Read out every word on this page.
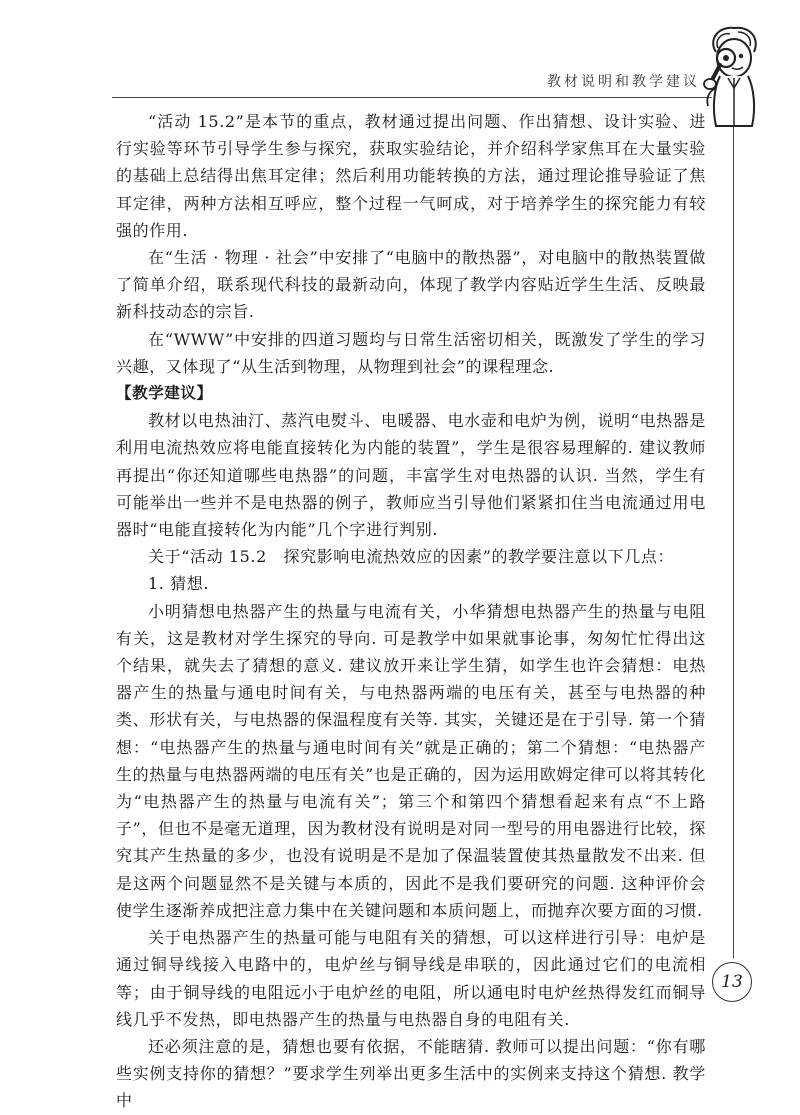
教材说明和教学建议

“活动 15.2”是本节的重点，教材通过提出问题、作出猜想、设计实验、进行实验等环节引导学生参与探究，获取实验结论，并介绍科学家焦耳在大量实验的基础上总结得出焦耳定律；然后利用功能转换的方法，通过理论推导验证了焦耳定律，两种方法相互呼应，整个过程一气呵成，对于培养学生的探究能力有较强的作用.

在“生活 · 物理 · 社会”中安排了“电脑中的散热器”，对电脑中的散热装置做了简单介绍，联系现代科技的最新动向，体现了教学内容贴近学生生活、反映最新科技动态的宗旨.

在“WWW”中安排的四道习题均与日常生活密切相关，既激发了学生的学习兴趣，又体现了“从生活到物理，从物理到社会”的课程理念.

【教学建议】

教材以电热油汀、蒸汽电熨斗、电暖器、电水壶和电炉为例，说明“电热器是利用电流热效应将电能直接转化为内能的装置”，学生是很容易理解的. 建议教师再提出“你还知道哪些电热器”的问题，丰富学生对电热器的认识. 当然，学生有可能举出一些并不是电热器的例子，教师应当引导他们紧紧扣住当电流通过用电器时“电能直接转化为内能”几个字进行判别.

关于“活动 15.2　探究影响电流热效应的因素”的教学要注意以下几点：

1. 猜想.

小明猜想电热器产生的热量与电流有关，小华猜想电热器产生的热量与电阻有关，这是教材对学生探究的导向. 可是教学中如果就事论事，匆匆忙忙得出这个结果，就失去了猜想的意义. 建议放开来让学生猜，如学生也许会猜想：电热器产生的热量与通电时间有关，与电热器两端的电压有关，甚至与电热器的种类、形状有关，与电热器的保温程度有关等. 其实，关键还是在于引导. 第一个猜想：“电热器产生的热量与通电时间有关”就是正确的；第二个猜想：“电热器产生的热量与电热器两端的电压有关”也是正确的，因为运用欧姆定律可以将其转化为“电热器产生的热量与电流有关”；第三个和第四个猜想看起来有点“不上路子”，但也不是毫无道理，因为教材没有说明是对同一型号的用电器进行比较，探究其产生热量的多少，也没有说明是不是加了保温装置使其热量散发不出来. 但是这两个问题显然不是关键与本质的，因此不是我们要研究的问题. 这种评价会使学生逐渐养成把注意力集中在关键问题和本质问题上，而抛弃次要方面的习惯.

关于电热器产生的热量可能与电阻有关的猜想，可以这样进行引导：电炉是通过铜导线接入电路中的，电炉丝与铜导线是串联的，因此通过它们的电流相等；由于铜导线的电阻远小于电炉丝的电阻，所以通电时电炉丝热得发红而铜导线几乎不发热，即电热器产生的热量与电热器自身的电阻有关.

还必须注意的是，猜想也要有依据，不能瞎猜. 教师可以提出问题：“你有哪些实例支持你的猜想？”要求学生列举出更多生活中的实例来支持这个猜想. 教学中

13
